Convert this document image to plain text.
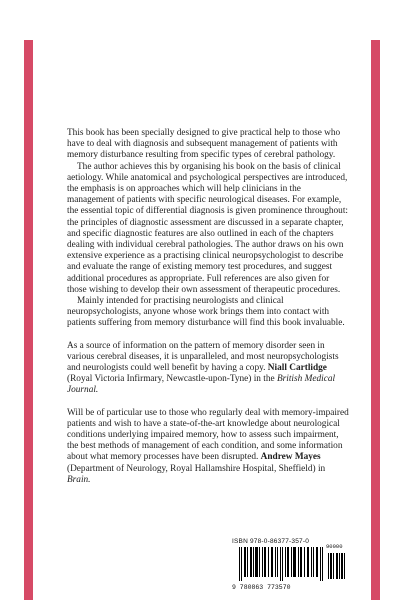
This book has been specially designed to give practical help to those who have to deal with diagnosis and subsequent management of patients with memory disturbance resulting from specific types of cerebral pathology.

The author achieves this by organising his book on the basis of clinical aetiology. While anatomical and psychological perspectives are introduced, the emphasis is on approaches which will help clinicians in the management of patients with specific neurological diseases. For example, the essential topic of differential diagnosis is given prominence throughout: the principles of diagnostic assessment are discussed in a separate chapter, and specific diagnostic features are also outlined in each of the chapters dealing with individual cerebral pathologies. The author draws on his own extensive experience as a practising clinical neuropsychologist to describe and evaluate the range of existing memory test procedures, and suggest additional procedures as appropriate. Full references are also given for those wishing to develop their own assessment of therapeutic procedures.

Mainly intended for practising neurologists and clinical neuropsychologists, anyone whose work brings them into contact with patients suffering from memory disturbance will find this book invaluable.

As a source of information on the pattern of memory disorder seen in various cerebral diseases, it is unparalleled, and most neuropsychologists and neurologists could well benefit by having a copy. Niall Cartlidge (Royal Victoria Infirmary, Newcastle-upon-Tyne) in the British Medical Journal.

Will be of particular use to those who regularly deal with memory-impaired patients and wish to have a state-of-the-art knowledge about neurological conditions underlying impaired memory, how to assess such impairment, the best methods of management of each condition, and some information about what memory processes have been disrupted. Andrew Mayes (Department of Neurology, Royal Hallamshire Hospital, Sheffield) in Brain.

ISBN 978-0-86377-357-0
9 780863 773570
90000
